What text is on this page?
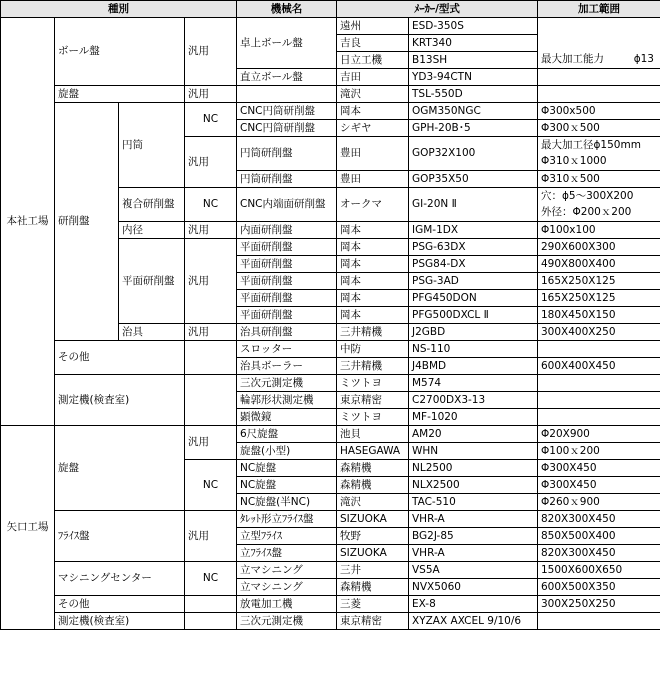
種別				機械名	ﾒｰｶｰ/型式		加工範囲
本社工場	ボール盤		汎用	卓上ボール盤	遠州	ESD-350S	最大加工能力 ϕ13

					吉良	KRT340	
					日立工機	B13SH	
				直立ボール盤	吉田	YD3-94CTN	
	旋盤		汎用		滝沢	TSL-550D	
	研削盤	円筒	NC	CNC円筒研削盤	岡本	OGM350NGC	Φ300x500
				CNC円筒研削盤	シギヤ	GPH-20B･5	Φ300ｘ500
			汎用	円筒研削盤	豊田	GOP32X100	最大加工径ϕ150mm
Φ310ｘ1000

				円筒研削盤	豊田	GOP35X50	Φ310ｘ500
		複合研削盤	NC	CNC内端面研削盤	オークマ	GI-20N Ⅱ	穴：ϕ5～300X200
外径：Φ200ｘ200

		内径	汎用	内面研削盤	岡本	IGM-1DX	Φ100x100
		平面研削盤	汎用	平面研削盤	岡本	PSG-63DX	290X600X300
				平面研削盤	岡本	PSG84-DX	490X800X400
				平面研削盤	岡本	PSG-3AD	165X250X125
				平面研削盤	岡本	PFG450DON	165X250X125
				平面研削盤	岡本	PFG500DXCL Ⅱ	180X450X150
		治具	汎用	治具研削盤	三井精機	J2GBD	300X400X250
	その他			スロッター	中防	NS-110	
				治具ボーラー	三井精機	J4BMD	600X400X450
	測定機(検査室)			三次元測定機	ミツトヨ	M574	
				輪郭形状測定機	東京精密	C2700DX3-13	
				顕微鏡	ミツトヨ	MF-1020	
矢口工場	旋盤		汎用	6尺旋盤	池貝	AM20	Φ20X900
				旋盤(小型)	HASEGAWA	WHN	Φ100ｘ200
			NC	NC旋盤	森精機	NL2500	Φ300X450
				NC旋盤	森精機	NLX2500	Φ300X450
				NC旋盤(半NC)	滝沢	TAC-510	Φ260ｘ900
	ﾌﾗｲｽ盤		汎用	ﾀﾚｯﾄ形立ﾌﾗｲｽ盤	SIZUOKA	VHR-A	820X300X450
				立型ﾌﾗｲｽ	牧野	BG2J-85	850X500X400
				立ﾌﾗｲｽ盤	SIZUOKA	VHR-A	820X300X450
	マシニングセンター		NC	立マシニング	三井	VS5A	1500X600X650
				立マシニング	森精機	NVX5060	600X500X350
	その他			放電加工機	三菱	EX-8	300X250X250
	測定機(検査室)			三次元測定機	東京精密	XYZAX AXCEL 9/10/6	
